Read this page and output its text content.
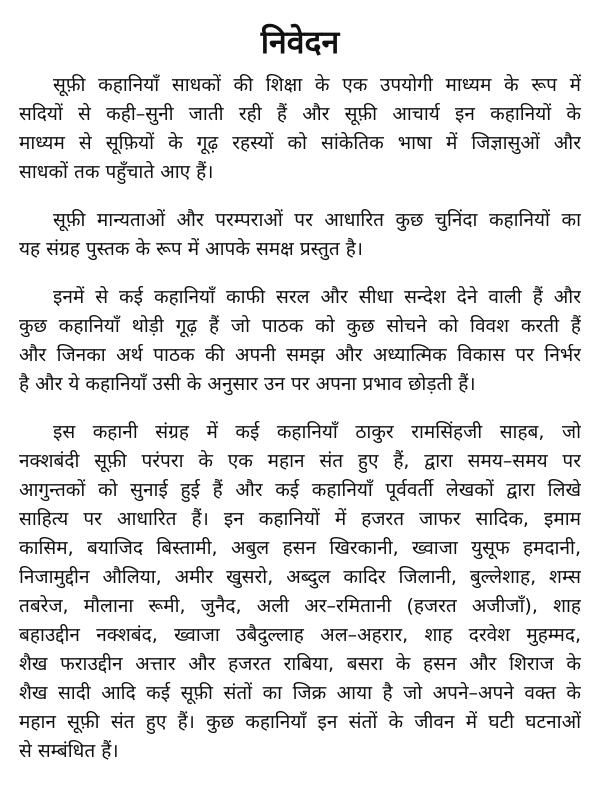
निवेदन
सूफ़ी कहानियाँ साधकों की शिक्षा के एक उपयोगी माध्यम के रूप में
सदियों से कही–सुनी जाती रही हैं और सूफ़ी आचार्य इन कहानियों के
माध्यम से सूफ़ियों के गूढ़ रहस्यों को सांकेतिक भाषा में जिज्ञासुओं और
साधकों तक पहुँचाते आए हैं।
सूफ़ी मान्यताओं और परम्पराओं पर आधारित कुछ चुनिंदा कहानियों का
यह संग्रह पुस्तक के रूप में आपके समक्ष प्रस्तुत है।
इनमें से कई कहानियाँ काफी सरल और सीधा सन्देश देने वाली हैं और
कुछ कहानियाँ थोड़ी गूढ़ हैं जो पाठक को कुछ सोचने को विवश करती हैं
और जिनका अर्थ पाठक की अपनी समझ और अध्यात्मिक विकास पर निर्भर
है और ये कहानियाँ उसी के अनुसार उन पर अपना प्रभाव छोड़ती हैं।
इस कहानी संग्रह में कई कहानियाँ ठाकुर रामसिंहजी साहब, जो
नक्शबंदी सूफ़ी परंपरा के एक महान संत हुए हैं, द्वारा समय–समय पर
आगुन्तकों को सुनाई हुई हैं और कई कहानियाँ पूर्ववर्ती लेखकों द्वारा लिखे
साहित्य पर आधारित हैं। इन कहानियों में हजरत जाफर सादिक, इमाम
कासिम, बयाजिद बिस्तामी, अबुल हसन खिरकानी, ख्वाजा युसूफ हमदानी,
निजामुद्दीन औलिया, अमीर खुसरो, अब्दुल कादिर जिलानी, बुल्लेशाह, शम्स
तबरेज, मौलाना रूमी, जुनैद, अली अर–रमितानी (हजरत अजीजाँ), शाह
बहाउद्दीन नक्शबंद, ख्वाजा उबैदुल्लाह अल–अहरार, शाह दरवेश मुहम्मद,
शैख फराउद्दीन अत्तार और हजरत राबिया, बसरा के हसन और शिराज के
शैख सादी आदि कई सूफ़ी संतों का जिक्र आया है जो अपने–अपने वक्त के
महान सूफ़ी संत हुए हैं। कुछ कहानियाँ इन संतों के जीवन में घटी घटनाओं
से सम्बंधित हैं।
